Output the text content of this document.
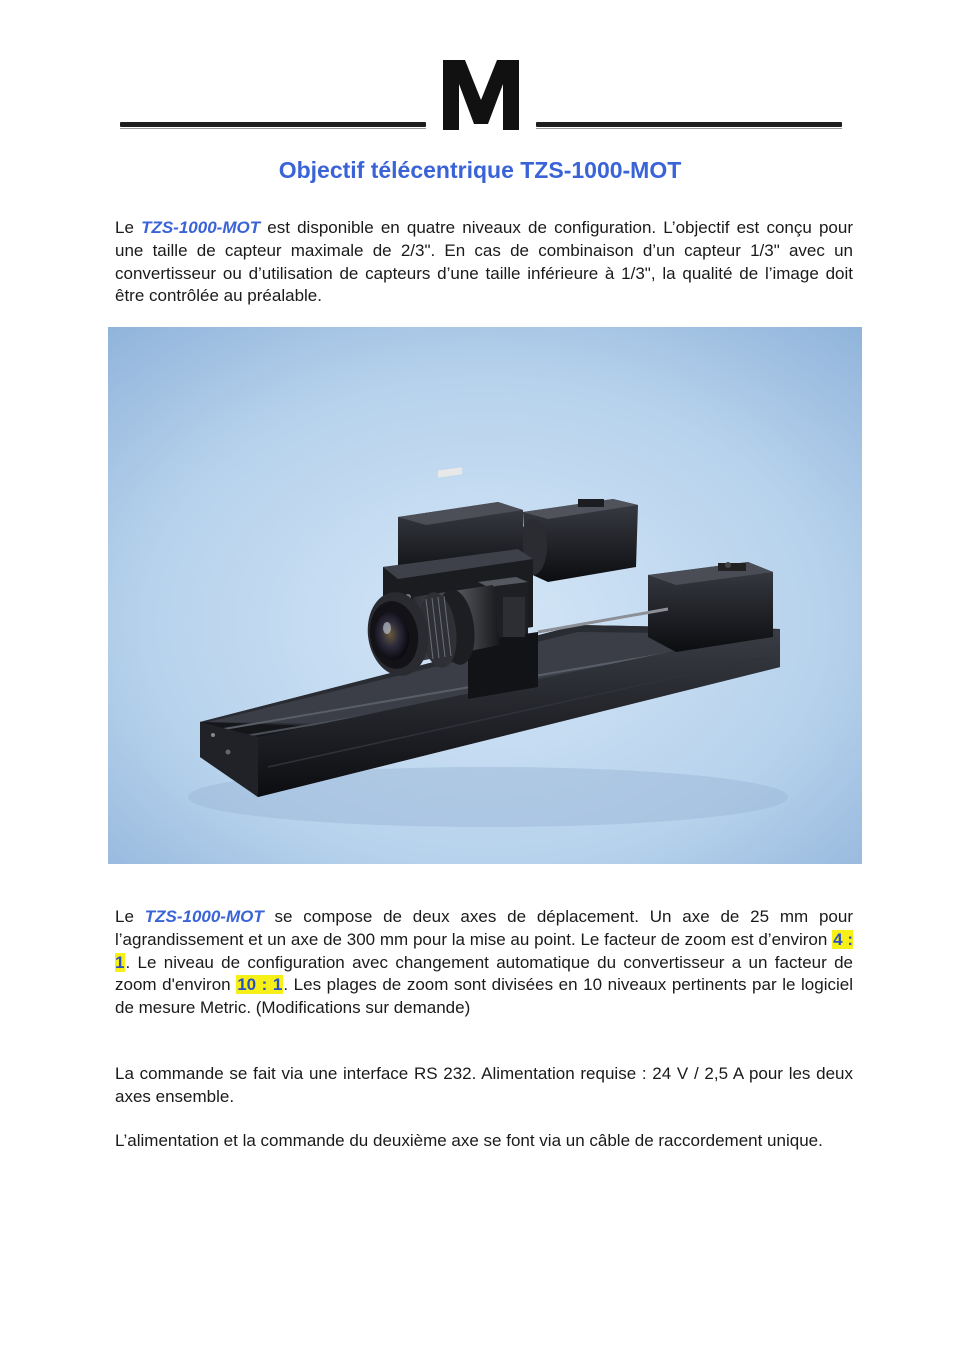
Objectif télécentrique TZS-1000-MOT

Le TZS-1000-MOT est disponible en quatre niveaux de configuration. L’objectif est conçu pour une taille de capteur maximale de 2/3". En cas de combinaison d’un capteur 1/3" avec un convertisseur ou d’utilisation de capteurs d’une taille inférieure à 1/3", la qualité de l’image doit être contrôlée au préalable.

Le TZS-1000-MOT se compose de deux axes de déplacement. Un axe de 25 mm pour l’agrandissement et un axe de 300 mm pour la mise au point. Le facteur de zoom est d’environ 4 : 1. Le niveau de configuration avec changement automatique du convertisseur a un facteur de zoom d'environ 10 : 1. Les plages de zoom sont divisées en 10 niveaux pertinents par le logiciel de mesure Metric. (Modifications sur demande)

La commande se fait via une interface RS 232. Alimentation requise : 24 V / 2,5 A pour les deux axes ensemble.

L’alimentation et la commande du deuxième axe se font via un câble de raccordement unique.
